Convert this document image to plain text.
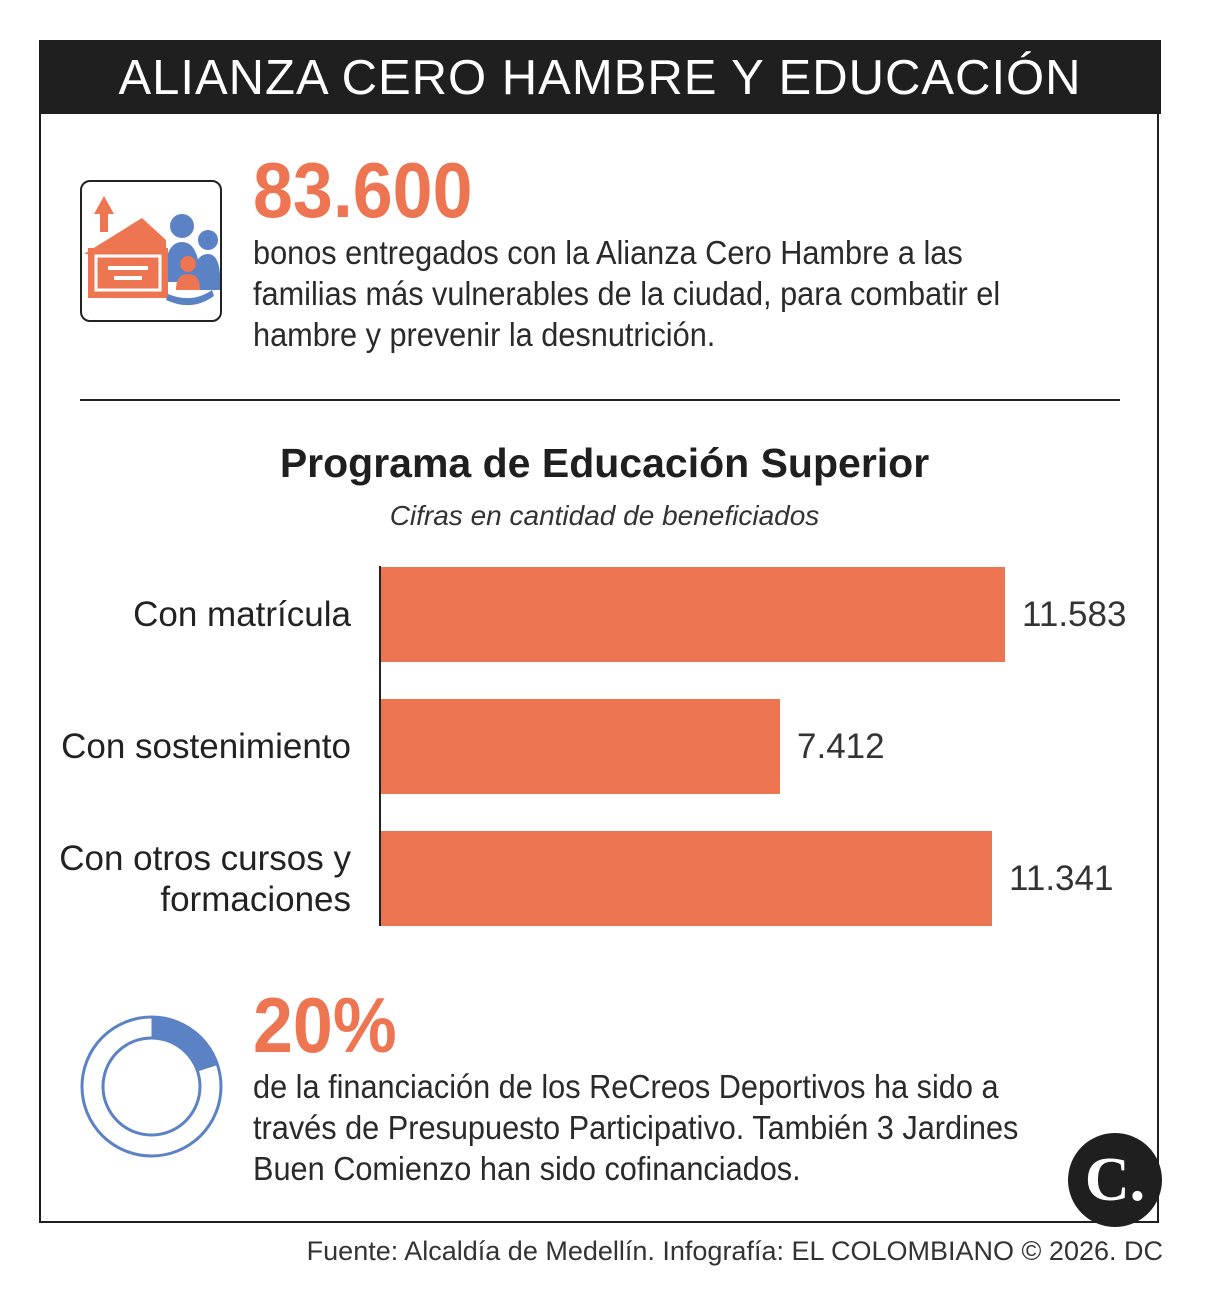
ALIANZA CERO HAMBRE Y EDUCACIÓN
83.600
bonos entregados con la Alianza Cero Hambre a las familias más vulnerables de la ciudad, para combatir el hambre y prevenir la desnutrición.
Programa de Educación Superior
Cifras en cantidad de beneficiados
11.583
Con matrícula
7.412
Con sostenimiento
11.341
Con otros cursos y formaciones
20%
de la financiación de los ReCreos Deportivos ha sido a través de Presupuesto Participativo. También 3 Jardines Buen Comienzo han sido cofinanciados.	C.
Fuente: Alcaldía de Medellín. Infografía: EL COLOMBIANO © 2026. DC
